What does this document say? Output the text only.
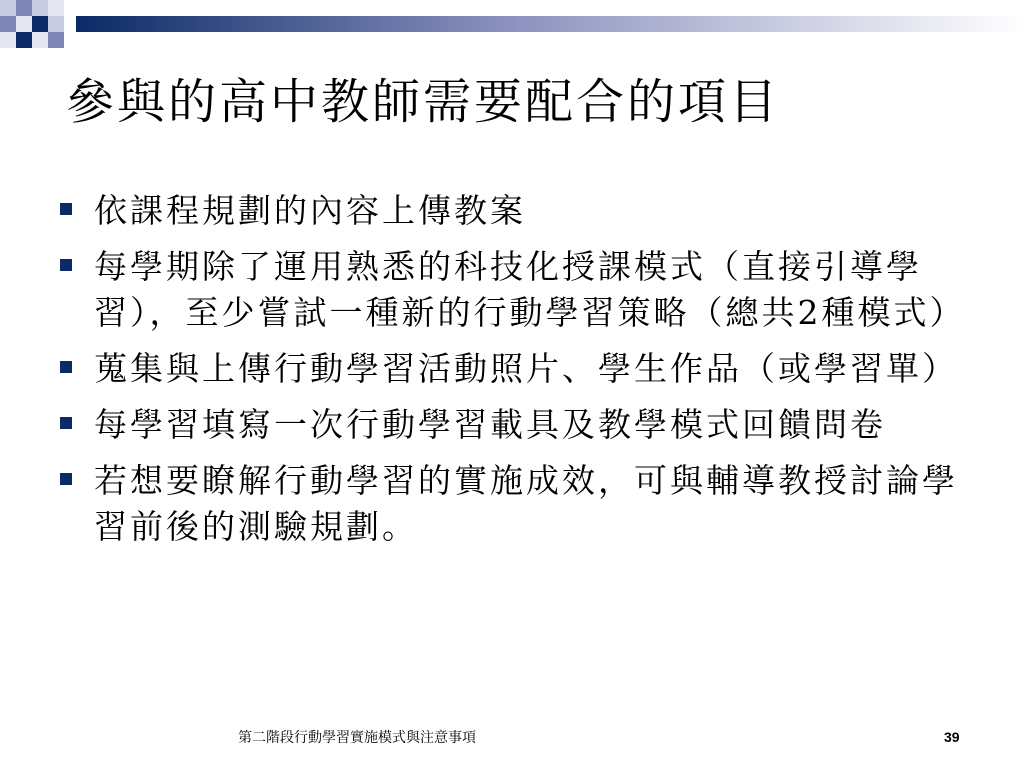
參與的高中教師需要配合的項目
依課程規劃的內容上傳教案
每學期除了運用熟悉的科技化授課模式（直接引導學習），至少嘗試一種新的行動學習策略（總共2種模式）
蒐集與上傳行動學習活動照片、學生作品（或學習單）
每學習填寫一次行動學習載具及教學模式回饋問卷
若想要瞭解行動學習的實施成效，可與輔導教授討論學習前後的測驗規劃。
第二階段行動學習實施模式與注意事項	39
